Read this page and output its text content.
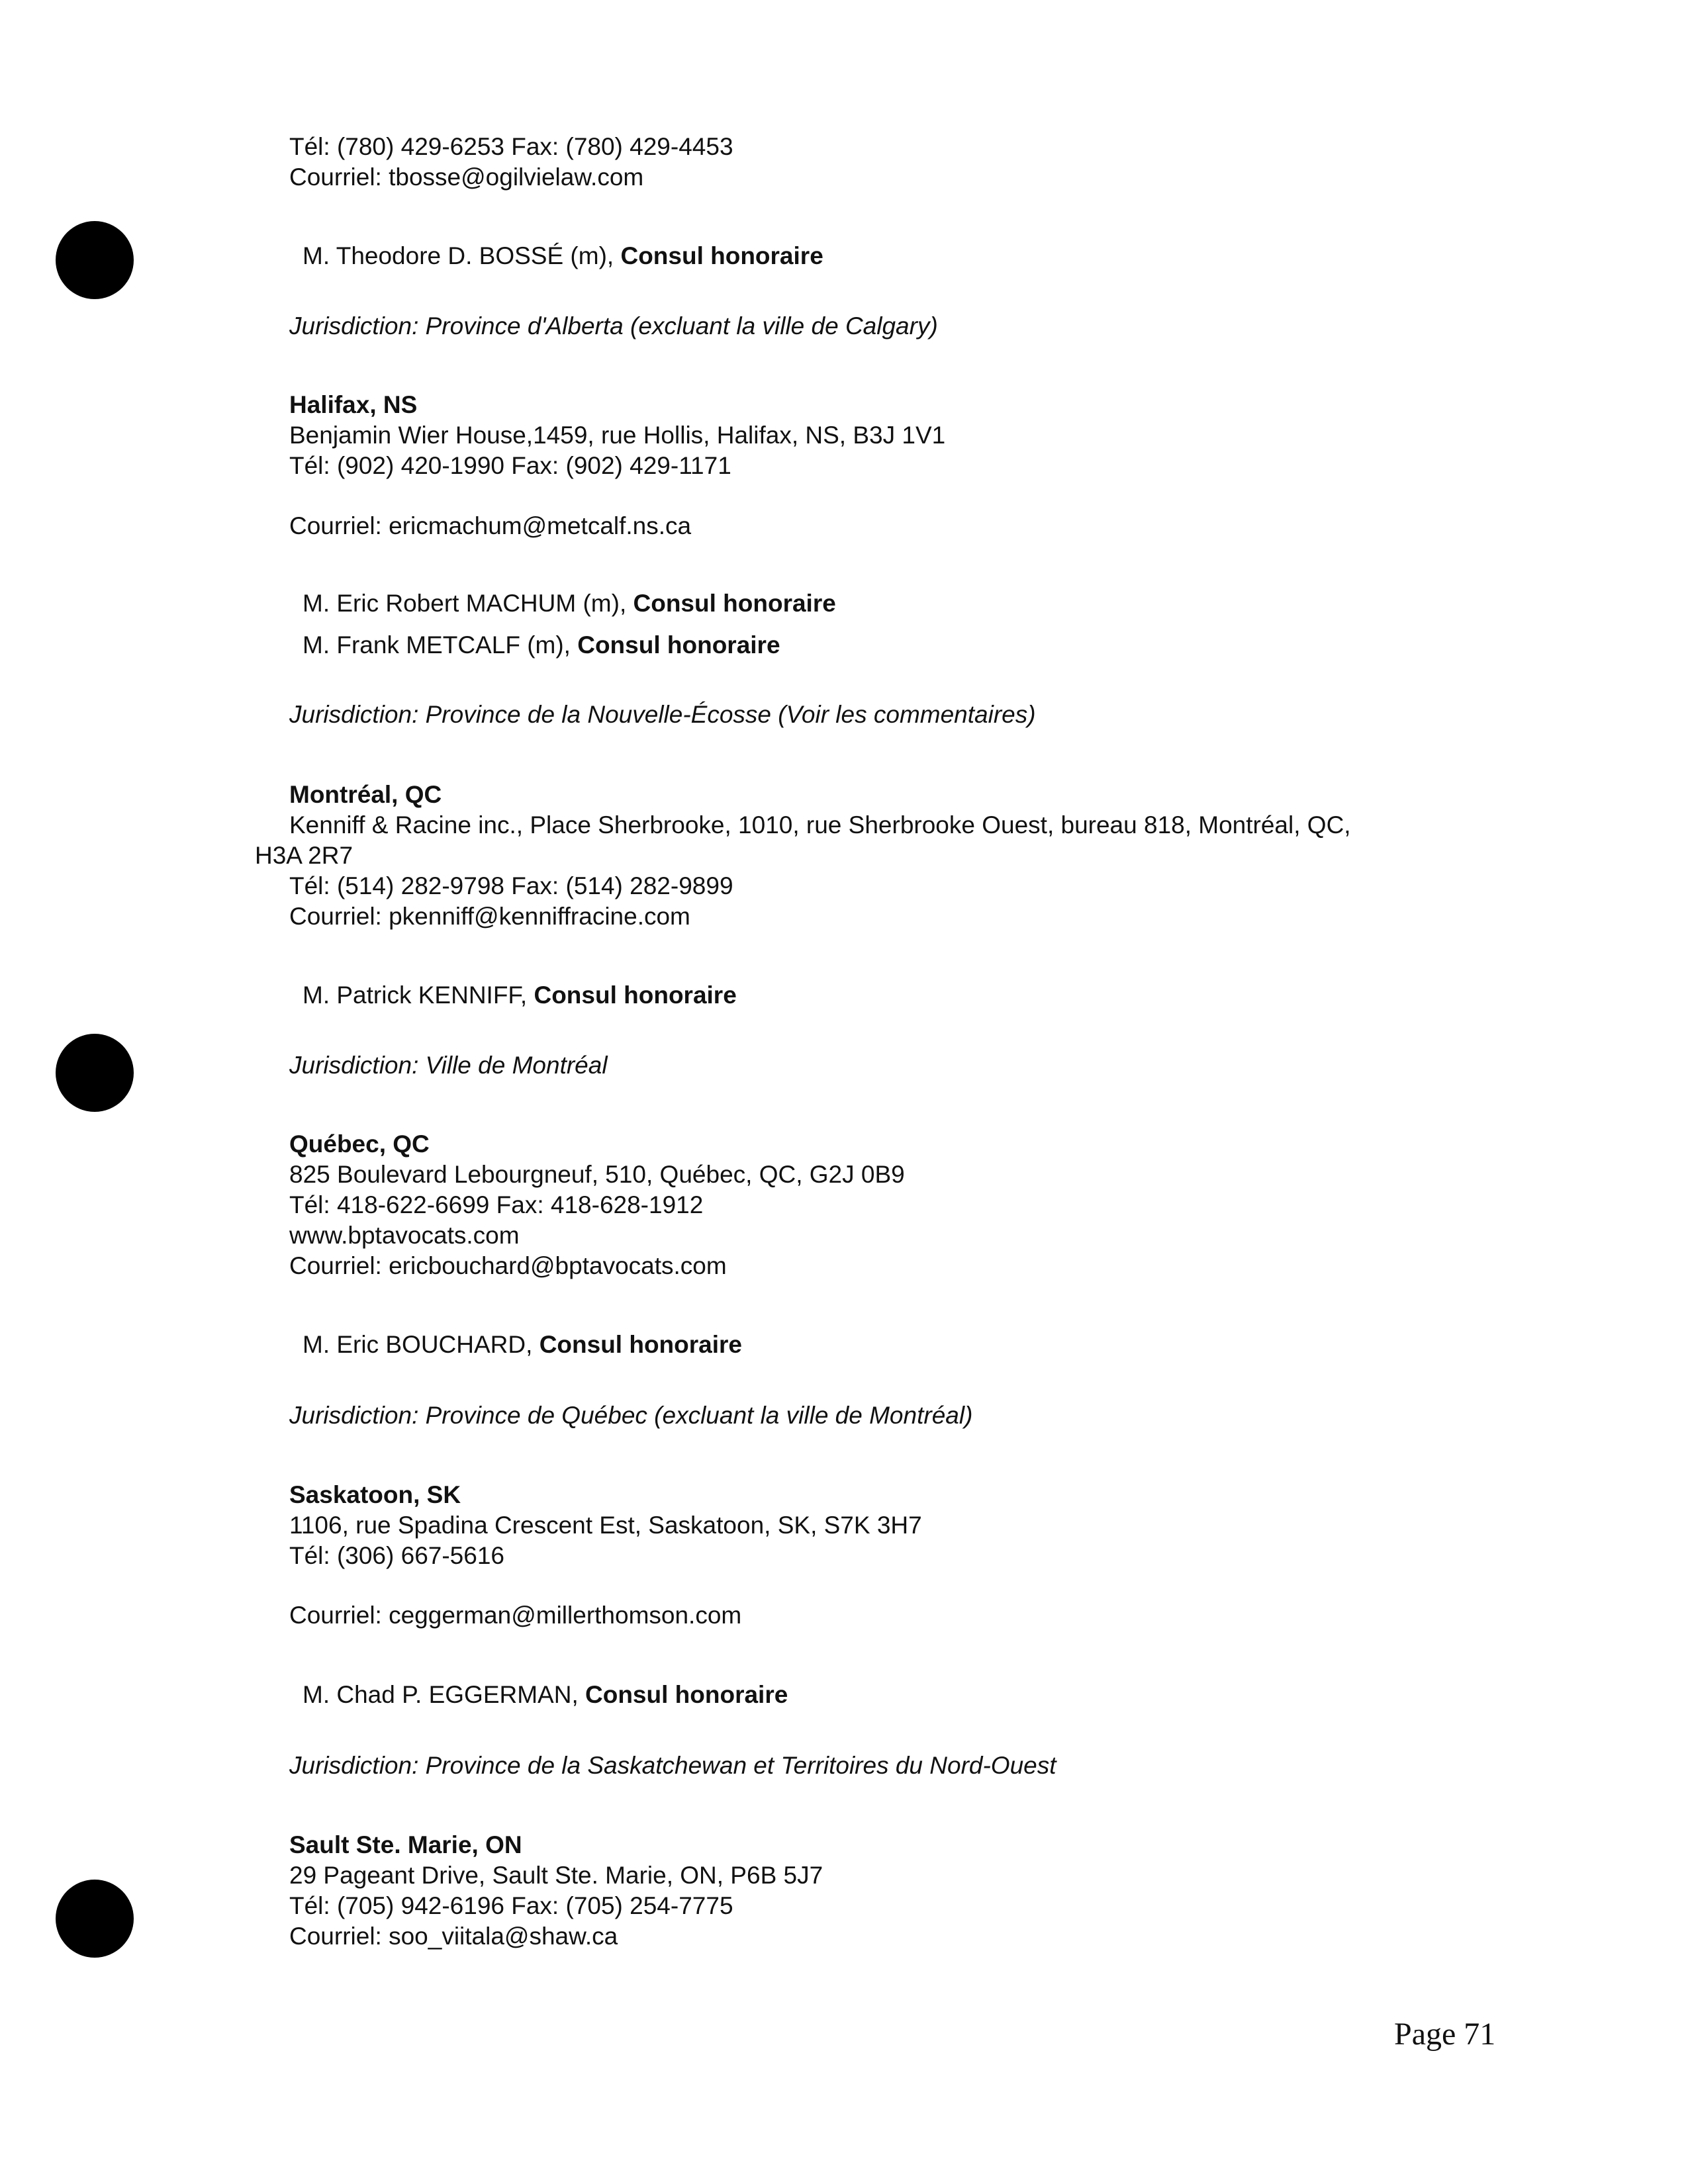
Tél: (780) 429-6253 Fax: (780) 429-4453
Courriel: tbosse@ogilvielaw.com
M. Theodore D. BOSSÉ (m), Consul honoraire
Jurisdiction: Province d'Alberta (excluant la ville de Calgary)
Halifax, NS
Benjamin Wier House,1459, rue Hollis, Halifax, NS, B3J 1V1
Tél: (902) 420-1990 Fax: (902) 429-1171
Courriel: ericmachum@metcalf.ns.ca
M. Eric Robert MACHUM (m), Consul honoraire
M. Frank METCALF (m), Consul honoraire
Jurisdiction: Province de la Nouvelle-Écosse (Voir les commentaires)
Montréal, QC
Kenniff & Racine inc., Place Sherbrooke, 1010, rue Sherbrooke Ouest, bureau 818, Montréal, QC,
H3A 2R7
Tél: (514) 282-9798 Fax: (514) 282-9899
Courriel: pkenniff@kenniffracine.com
M. Patrick KENNIFF, Consul honoraire
Jurisdiction: Ville de Montréal
Québec, QC
825 Boulevard Lebourgneuf, 510, Québec, QC, G2J 0B9
Tél: 418-622-6699 Fax: 418-628-1912
www.bptavocats.com
Courriel: ericbouchard@bptavocats.com
M. Eric BOUCHARD, Consul honoraire
Jurisdiction: Province de Québec (excluant la ville de Montréal)
Saskatoon, SK
1106, rue Spadina Crescent Est, Saskatoon, SK, S7K 3H7
Tél: (306) 667-5616
Courriel: ceggerman@millerthomson.com
M. Chad P. EGGERMAN, Consul honoraire
Jurisdiction: Province de la Saskatchewan et Territoires du Nord-Ouest
Sault Ste. Marie, ON
29 Pageant Drive, Sault Ste. Marie, ON, P6B 5J7
Tél: (705) 942-6196 Fax: (705) 254-7775
Courriel: soo_viitala@shaw.ca
Page 71
